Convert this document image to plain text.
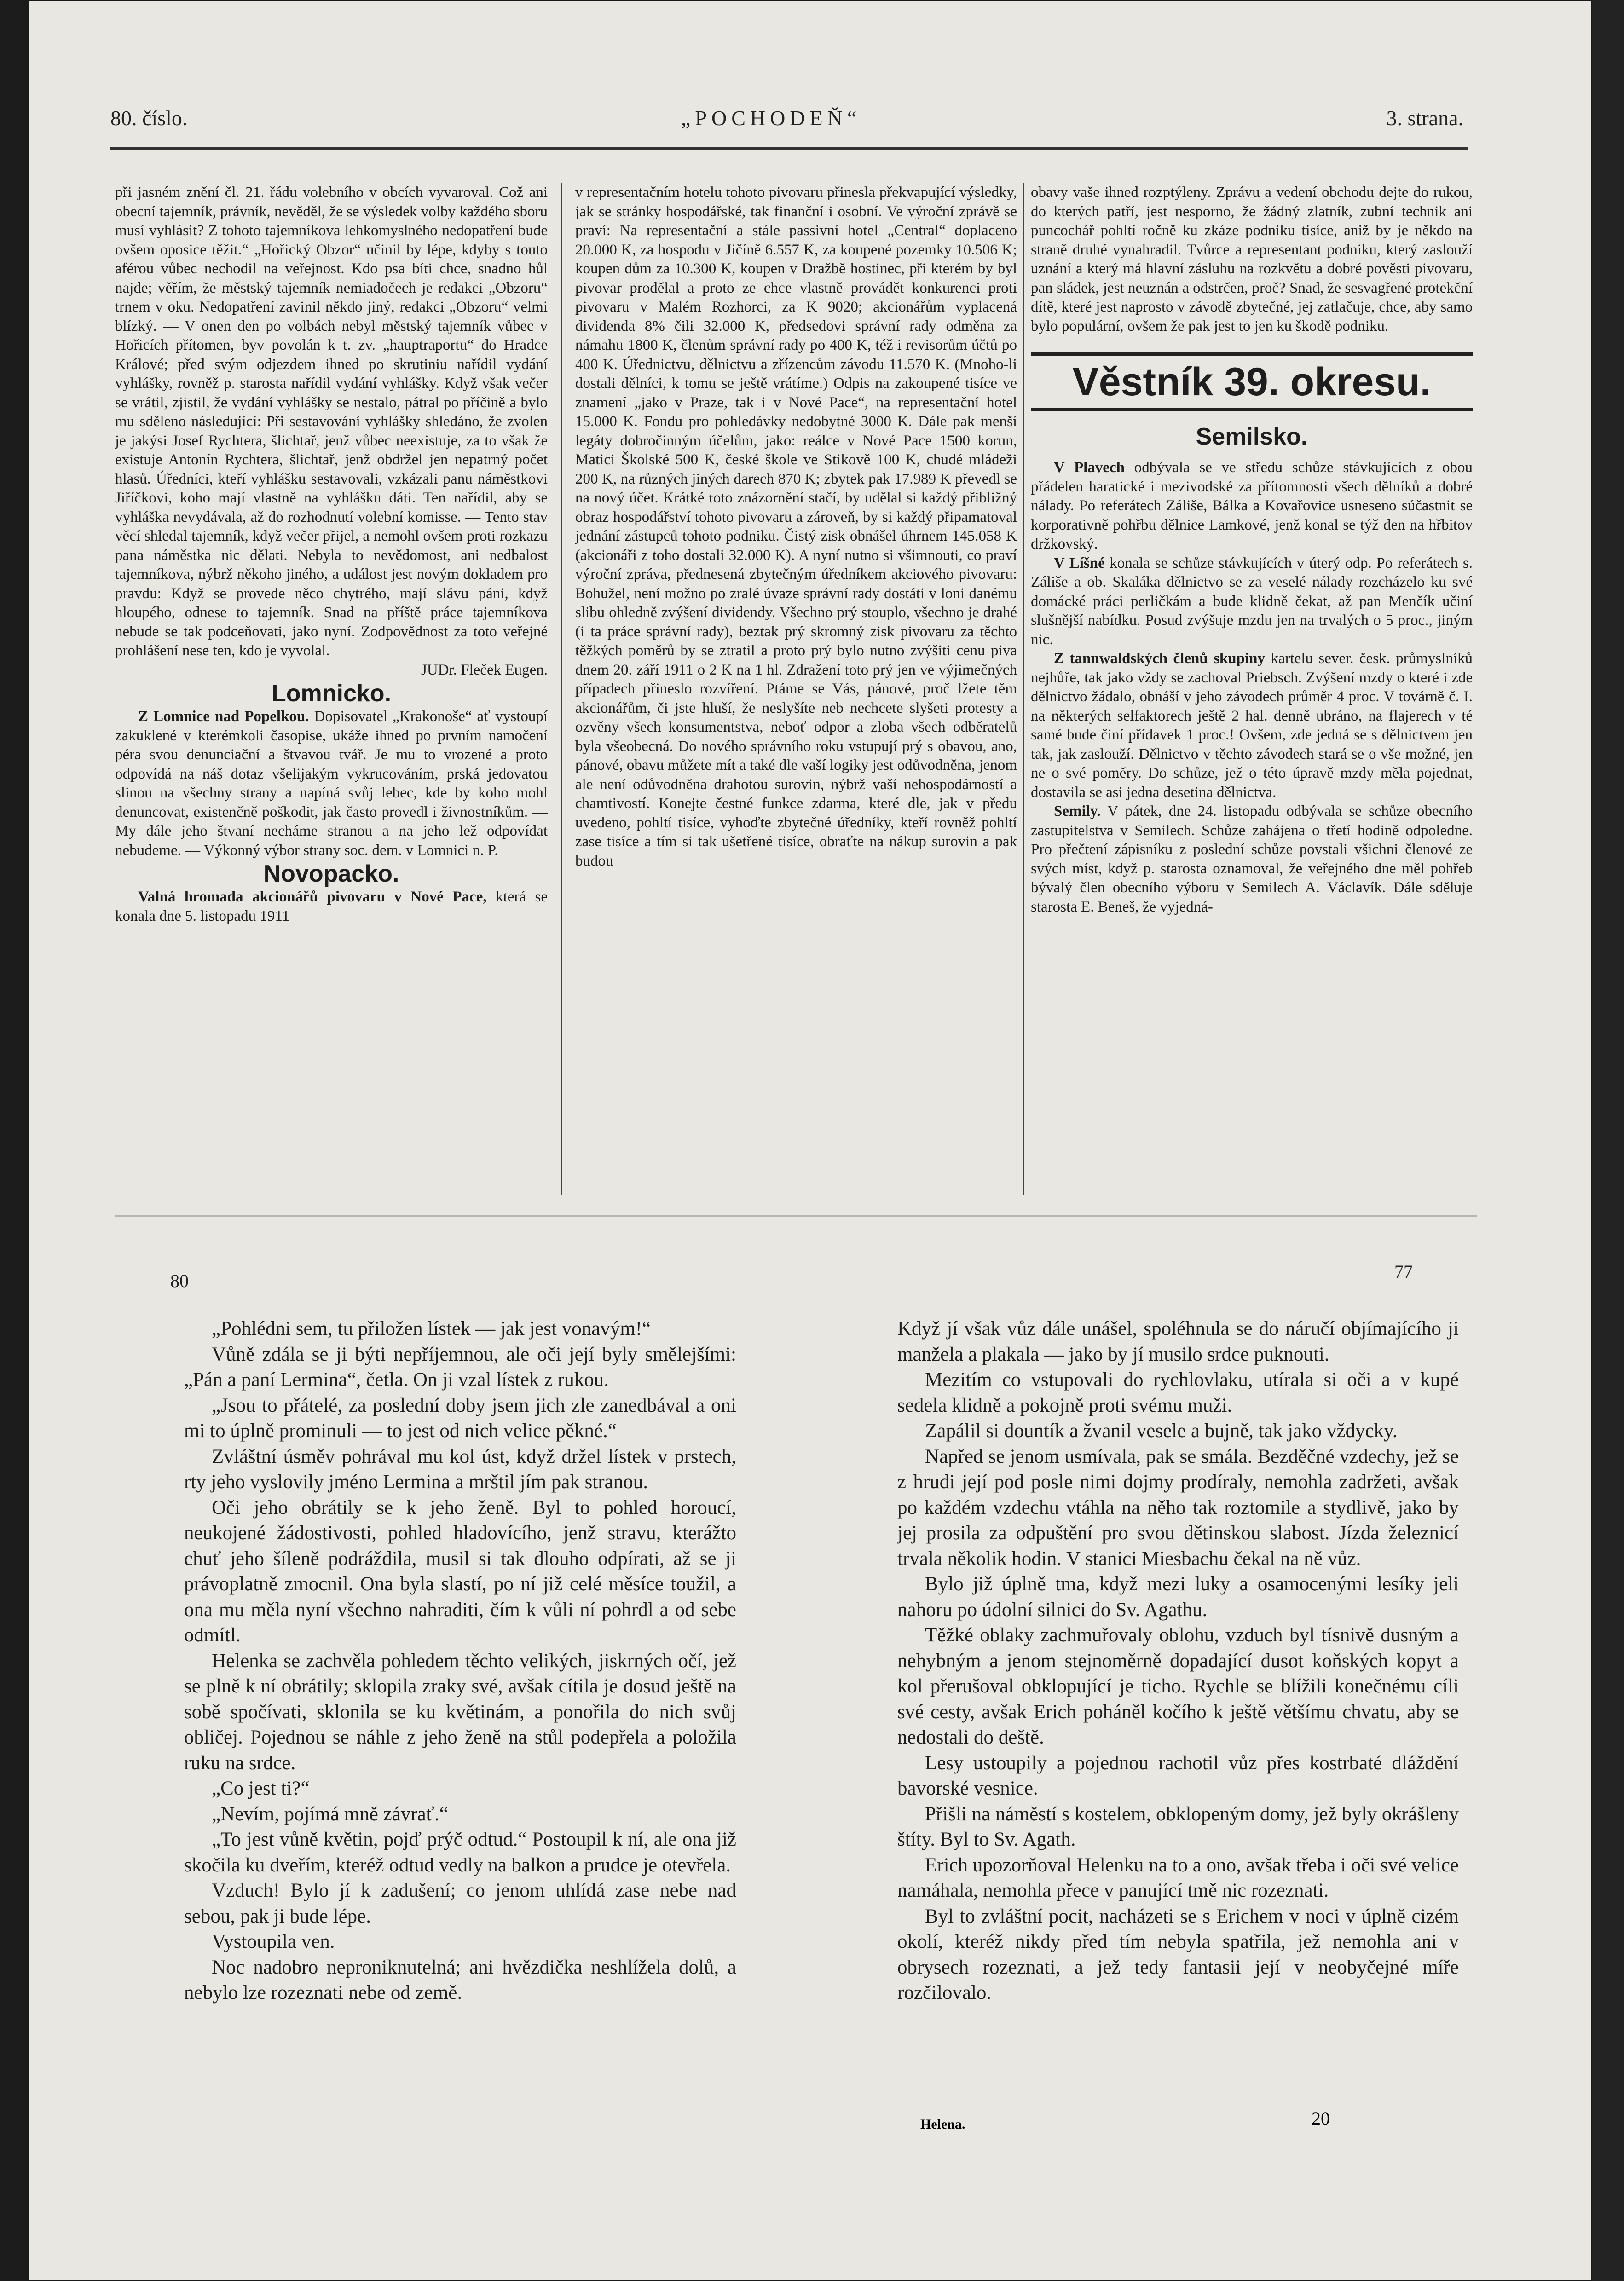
80. číslo.	„POCHODEŇ“	3. strana.

při jasném znění čl. 21. řádu volebního v obcích vyvaroval. Což ani obecní tajemník, právník, nevěděl, že se výsledek volby každého sboru musí vyhlásit? Z tohoto tajemníkova lehkomyslného nedopatření bude ovšem oposice těžit.“ „Hořický Obzor“ učinil by lépe, kdyby s touto aférou vůbec nechodil na veřejnost. Kdo psa bíti chce, snadno hůl najde; věřím, že městský tajemník nemiadočech je redakci „Obzoru“ trnem v oku. Nedopatření zavinil někdo jiný, redakci „Obzoru“ velmi blízký. — V onen den po volbách nebyl městský tajemník vůbec v Hořicích přítomen, byv povolán k t. zv. „hauptraportu“ do Hradce Králové; před svým odjezdem ihned po skrutiniu nařídil vydání vyhlášky, rovněž p. starosta nařídil vydání vyhlášky. Když však večer se vrátil, zjistil, že vydání vyhlášky se nestalo, pátral po příčině a bylo mu sděleno následující: Při sestavování vyhlášky shledáno, že zvolen je jakýsi Josef Rychtera, šlichtař, jenž vůbec neexistuje, za to však že existuje Antonín Rychtera, šlichtař, jenž obdržel jen nepatrný počet hlasů. Úředníci, kteří vyhlášku sestavovali, vzkázali panu náměstkovi Jiříčkovi, koho mají vlastně na vyhlášku dáti. Ten nařídil, aby se vyhláška nevydávala, až do rozhodnutí volební komisse. — Tento stav věcí shledal tajemník, když večer přijel, a nemohl ovšem proti rozkazu pana náměstka nic dělati. Nebyla to nevědomost, ani nedbalost tajemníkova, nýbrž někoho jiného, a událost jest novým dokladem pro pravdu: Když se provede něco chytrého, mají slávu páni, když hloupého, odnese to tajemník. Snad na příště práce tajemníkova nebude se tak podceňovati, jako nyní. Zodpovědnost za toto veřejné prohlášení nese ten, kdo je vyvolal.

JUDr. Fleček Eugen.

Lomnicko.

Z Lomnice nad Popelkou. Dopisovatel „Krakonoše“ ať vystoupí zakuklené v kterémkoli časopise, ukáže ihned po prvním namočení péra svou denunciační a štvavou tvář. Je mu to vrozené a proto odpovídá na náš dotaz všelijakým vykrucováním, prská jedovatou slinou na všechny strany a napíná svůj lebec, kde by koho mohl denuncovat, existenčně poškodit, jak často provedl i živnostníkům. — My dále jeho štvaní necháme stranou a na jeho lež odpovídat nebudeme. — Výkonný výbor strany soc. dem. v Lomnici n. P.

Novopacko.

Valná hromada akcionářů pivovaru v Nové Pace, která se konala dne 5. listopadu 1911

v representačním hotelu tohoto pivovaru přinesla překvapující výsledky, jak se stránky hospodářské, tak finanční i osobní. Ve výroční zprávě se praví: Na representační a stále passivní hotel „Central“ doplaceno 20.000 K, za hospodu v Jičíně 6.557 K, za koupené pozemky 10.506 K; koupen dům za 10.300 K, koupen v Dražbě hostinec, při kterém by byl pivovar prodělal a proto ze chce vlastně provádět konkurenci proti pivovaru v Malém Rozhorci, za K 9020; akcionářům vyplacená dividenda 8% čili 32.000 K, předsedovi správní rady odměna za námahu 1800 K, členům správní rady po 400 K, též i revisorům účtů po 400 K. Úřednictvu, dělnictvu a zřízencům závodu 11.570 K. (Mnoho-li dostali dělníci, k tomu se ještě vrátíme.) Odpis na zakoupené tisíce ve znamení „jako v Praze, tak i v Nové Pace“, na representační hotel 15.000 K. Fondu pro pohledávky nedobytné 3000 K. Dále pak menší legáty dobročinným účelům, jako: reálce v Nové Pace 1500 korun, Matici Školské 500 K, české škole ve Stikově 100 K, chudé mládeži 200 K, na různých jiných darech 870 K; zbytek pak 17.989 K převedl se na nový účet. Krátké toto znázornění stačí, by udělal si každý přibližný obraz hospodářství tohoto pivovaru a zároveň, by si každý připamatoval jednání zástupců tohoto podniku. Čistý zisk obnášel úhrnem 145.058 K (akcionáři z toho dostali 32.000 K). A nyní nutno si všimnouti, co praví výroční zpráva, přednesená zbytečným úředníkem akciového pivovaru: Bohužel, není možno po zralé úvaze správní rady dostáti v loni danému slibu ohledně zvýšení dividendy. Všechno prý stouplo, všechno je drahé (i ta práce správní rady), beztak prý skromný zisk pivovaru za těchto těžkých poměrů by se ztratil a proto prý bylo nutno zvýšiti cenu piva dnem 20. září 1911 o 2 K na 1 hl. Zdražení toto prý jen ve výjimečných případech přineslo rozvíření. Ptáme se Vás, pánové, proč lžete těm akcionářům, či jste hluší, že neslyšíte neb nechcete slyšeti protesty a ozvěny všech konsumentstva, neboť odpor a zloba všech odběratelů byla všeobecná. Do nového správního roku vstupují prý s obavou, ano, pánové, obavu můžete mít a také dle vaší logiky jest odůvodněna, jenom ale není odůvodněna drahotou surovin, nýbrž vaší nehospodárností a chamtivostí. Konejte čestné funkce zdarma, které dle, jak v předu uvedeno, pohltí tisíce, vyhoďte zbytečné úředníky, kteří rovněž pohltí zase tisíce a tím si tak ušetřené tisíce, obraťte na nákup surovin a pak budou

obavy vaše ihned rozptýleny. Zprávu a vedení obchodu dejte do rukou, do kterých patří, jest nesporno, že žádný zlatník, zubní technik ani puncochář pohltí ročně ku zkáze podniku tisíce, aniž by je někdo na straně druhé vynahradil. Tvůrce a representant podniku, který zaslouží uznání a který má hlavní zásluhu na rozkvětu a dobré pověsti pivovaru, pan sládek, jest neuznán a odstrčen, proč? Snad, že sesvagřené protekční dítě, které jest naprosto v závodě zbytečné, jej zatlačuje, chce, aby samo bylo populární, ovšem že pak jest to jen ku škodě podniku.

Věstník 39. okresu.
Semilsko.

V Plavech odbývala se ve středu schůze stávkujících z obou přádelen haratické i mezivodské za přítomnosti všech dělníků a dobré nálady. Po referátech Záliše, Bálka a Kovařovice usneseno súčastnit se korporativně pohřbu dělnice Lamkové, jenž konal se týž den na hřbitov držkovský.

V Líšné konala se schůze stávkujících v úterý odp. Po referátech s. Záliše a ob. Skaláka dělnictvo se za veselé nálady rozcházelo ku své domácké práci perličkám a bude klidně čekat, až pan Menčík učiní slušnější nabídku. Posud zvýšuje mzdu jen na trvalých o 5 proc., jiným nic.

Z tannwaldských členů skupiny kartelu sever. česk. průmyslníků nejhůře, tak jako vždy se zachoval Priebsch. Zvýšení mzdy o které i zde dělnictvo žádalo, obnáší v jeho závodech průměr 4 proc. V továrně č. I. na některých selfaktorech ještě 2 hal. denně ubráno, na flajerech v té samé bude činí přídavek 1 proc.! Ovšem, zde jedná se s dělnictvem jen tak, jak zaslouží. Dělnictvo v těchto závodech stará se o vše možné, jen ne o své poměry. Do schůze, jež o této úpravě mzdy měla pojednat, dostavila se asi jedna desetina dělnictva.

Semily. V pátek, dne 24. listopadu odbývala se schůze obecního zastupitelstva v Semilech. Schůze zahájena o třetí hodině odpoledne. Pro přečtení zápisníku z poslední schůze povstali všichni členové ze svých míst, když p. starosta oznamoval, že veřejného dne měl pohřeb bývalý člen obecního výboru v Semilech A. Václavík. Dále sděluje starosta E. Beneš, že vyjedná-

80	77

„Pohlédni sem, tu přiložen lístek — jak jest vonavým!“

Vůně zdála se ji býti nepříjemnou, ale oči její byly smělejšími: „Pán a paní Lermina“, četla. On ji vzal lístek z rukou.

„Jsou to přátelé, za poslední doby jsem jich zle zanedbával a oni mi to úplně prominuli — to jest od nich velice pěkné.“

Zvláštní úsměv pohrával mu kol úst, když držel lístek v prstech, rty jeho vyslovily jméno Lermina a mrštil jím pak stranou.

Oči jeho obrátily se k jeho ženě. Byl to pohled horoucí, neukojené žádostivosti, pohled hladovícího, jenž stravu, kterážto chuť jeho šíleně podráždila, musil si tak dlouho odpírati, až se ji právoplatně zmocnil. Ona byla slastí, po ní již celé měsíce toužil, a ona mu měla nyní všechno nahraditi, čím k vůli ní pohrdl a od sebe odmítl.

Helenka se zachvěla pohledem těchto velikých, jiskrných očí, jež se plně k ní obrátily; sklopila zraky své, avšak cítila je dosud ještě na sobě spočívati, sklonila se ku květinám, a ponořila do nich svůj obličej. Pojednou se náhle z jeho ženě na stůl podepřela a položila ruku na srdce.

„Co jest ti?“

„Nevím, pojímá mně závrať.“

„To jest vůně květin, pojď prýč odtud.“ Postoupil k ní, ale ona již skočila ku dveřím, kteréž odtud vedly na balkon a prudce je otevřela.

Vzduch! Bylo jí k zadušení; co jenom uhlídá zase nebe nad sebou, pak ji bude lépe.

Vystoupila ven.

Noc nadobro neproniknutelná; ani hvězdička neshlížela dolů, a nebylo lze rozeznati nebe od země.

Když jí však vůz dále unášel, spoléhnula se do náručí objímajícího ji manžela a plakala — jako by jí musilo srdce puknouti.

Mezitím co vstupovali do rychlovlaku, utírala si oči a v kupé sedela klidně a pokojně proti svému muži.

Zapálil si dountík a žvanil vesele a bujně, tak jako vždycky.

Napřed se jenom usmívala, pak se smála. Bezděčné vzdechy, jež se z hrudi její pod posle nimi dojmy prodíraly, nemohla zadržeti, avšak po každém vzdechu vtáhla na něho tak roztomile a stydlivě, jako by jej prosila za odpuštění pro svou dětinskou slabost. Jízda železnicí trvala několik hodin. V stanici Miesbachu čekal na ně vůz.

Bylo již úplně tma, když mezi luky a osamocenými lesíky jeli nahoru po údolní silnici do Sv. Agathu.

Těžké oblaky zachmuřovaly oblohu, vzduch byl tísnivě dusným a nehybným a jenom stejnoměrně dopadající dusot koňských kopyt a kol přerušoval obklopující je ticho. Rychle se blížili konečnému cíli své cesty, avšak Erich poháněl kočího k ještě většímu chvatu, aby se nedostali do deště.

Lesy ustoupily a pojednou rachotil vůz přes kostrbaté dláždění bavorské vesnice.

Přišli na náměstí s kostelem, obklopeným domy, jež byly okrášleny štíty. Byl to Sv. Agath.

Erich upozorňoval Helenku na to a ono, avšak třeba i oči své velice namáhala, nemohla přece v panující tmě nic rozeznati.

Byl to zvláštní pocit, nacházeti se s Erichem v noci v úplně cizém okolí, kteréž nikdy před tím nebyla spatřila, jež nemohla ani v obrysech rozeznati, a jež tedy fantasii její v neobyčejné míře rozčilovalo.

Helena.	20
